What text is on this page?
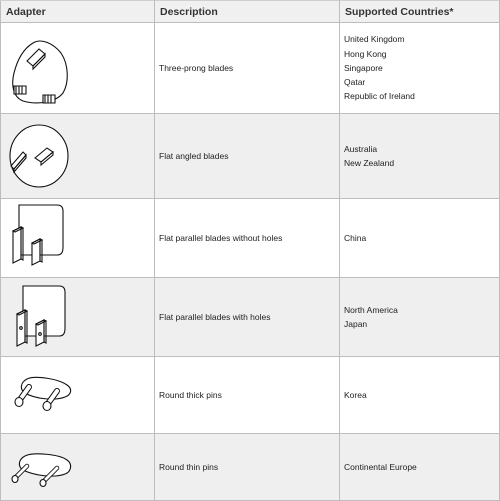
Adapter	Description	Supported Countries*

	Three-prong blades	United Kingdom
Hong Kong
Singapore
Qatar
Republic of Ireland

	Flat angled blades	Australia
New Zealand

	Flat parallel blades without holes	China

	Flat parallel blades with holes	North America
Japan

	Round thick pins	Korea

	Round thin pins	Continental Europe
